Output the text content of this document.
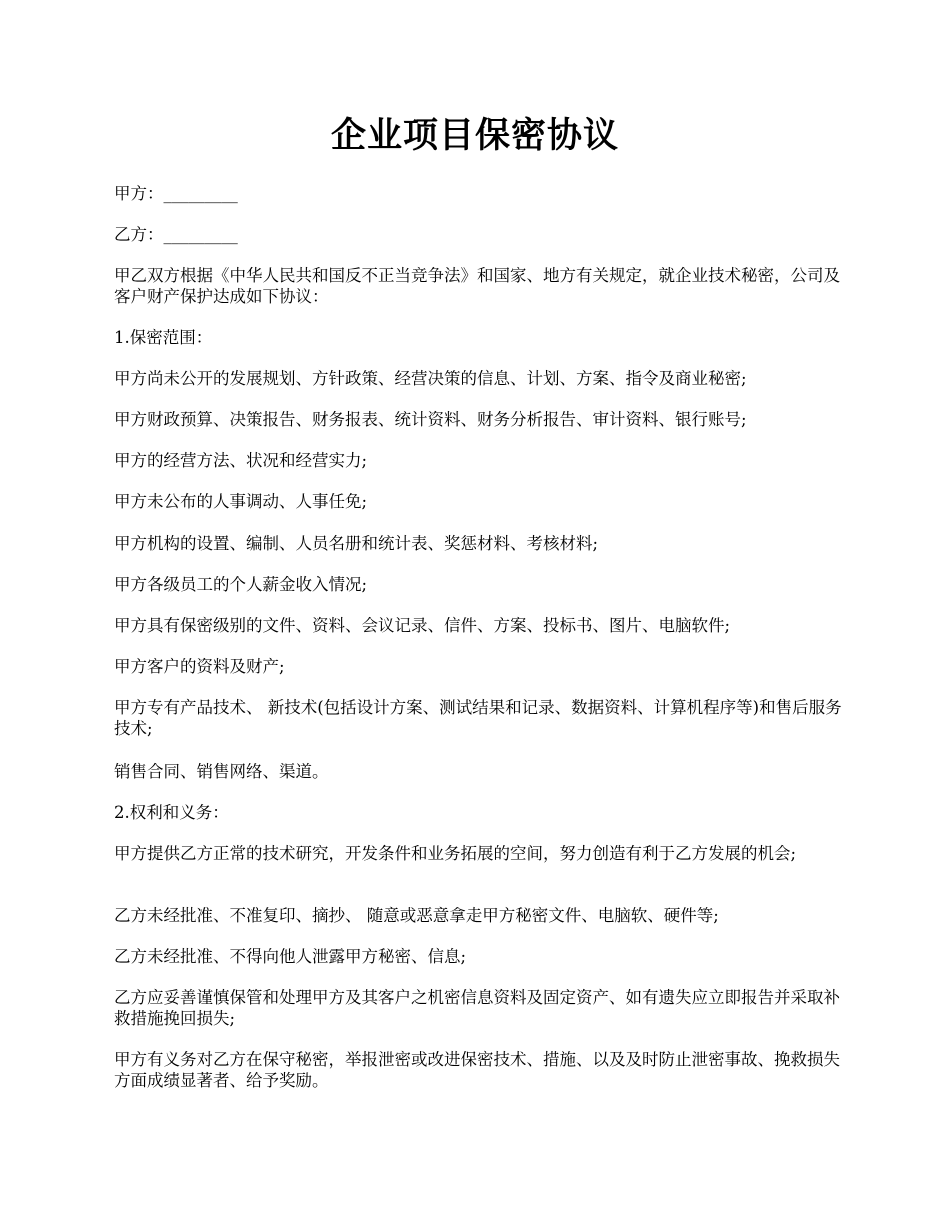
企业项目保密协议

甲方：_________

乙方：_________

甲乙双方根据《中华人民共和国反不正当竞争法》和国家、地方有关规定，就企业技术秘密，公司及客户财产保护达成如下协议：

1.保密范围：

甲方尚未公开的发展规划、方针政策、经营决策的信息、计划、方案、指令及商业秘密;

甲方财政预算、决策报告、财务报表、统计资料、财务分析报告、审计资料、银行账号;

甲方的经营方法、状况和经营实力;

甲方未公布的人事调动、人事任免;

甲方机构的设置、编制、人员名册和统计表、奖惩材料、考核材料;

甲方各级员工的个人薪金收入情况;

甲方具有保密级别的文件、资料、会议记录、信件、方案、投标书、图片、电脑软件;

甲方客户的资料及财产;

甲方专有产品技术、 新技术(包括设计方案、测试结果和记录、数据资料、计算机程序等)和售后服务技术;

销售合同、销售网络、渠道。

2.权利和义务：

甲方提供乙方正常的技术研究，开发条件和业务拓展的空间，努力创造有利于乙方发展的机会;

乙方未经批准、不准复印、摘抄、 随意或恶意拿走甲方秘密文件、电脑软、硬件等;

乙方未经批准、不得向他人泄露甲方秘密、信息;

乙方应妥善谨慎保管和处理甲方及其客户之机密信息资料及固定资产、如有遗失应立即报告并采取补救措施挽回损失;

甲方有义务对乙方在保守秘密，举报泄密或改进保密技术、措施、以及及时防止泄密事故、挽救损失方面成绩显著者、给予奖励。
